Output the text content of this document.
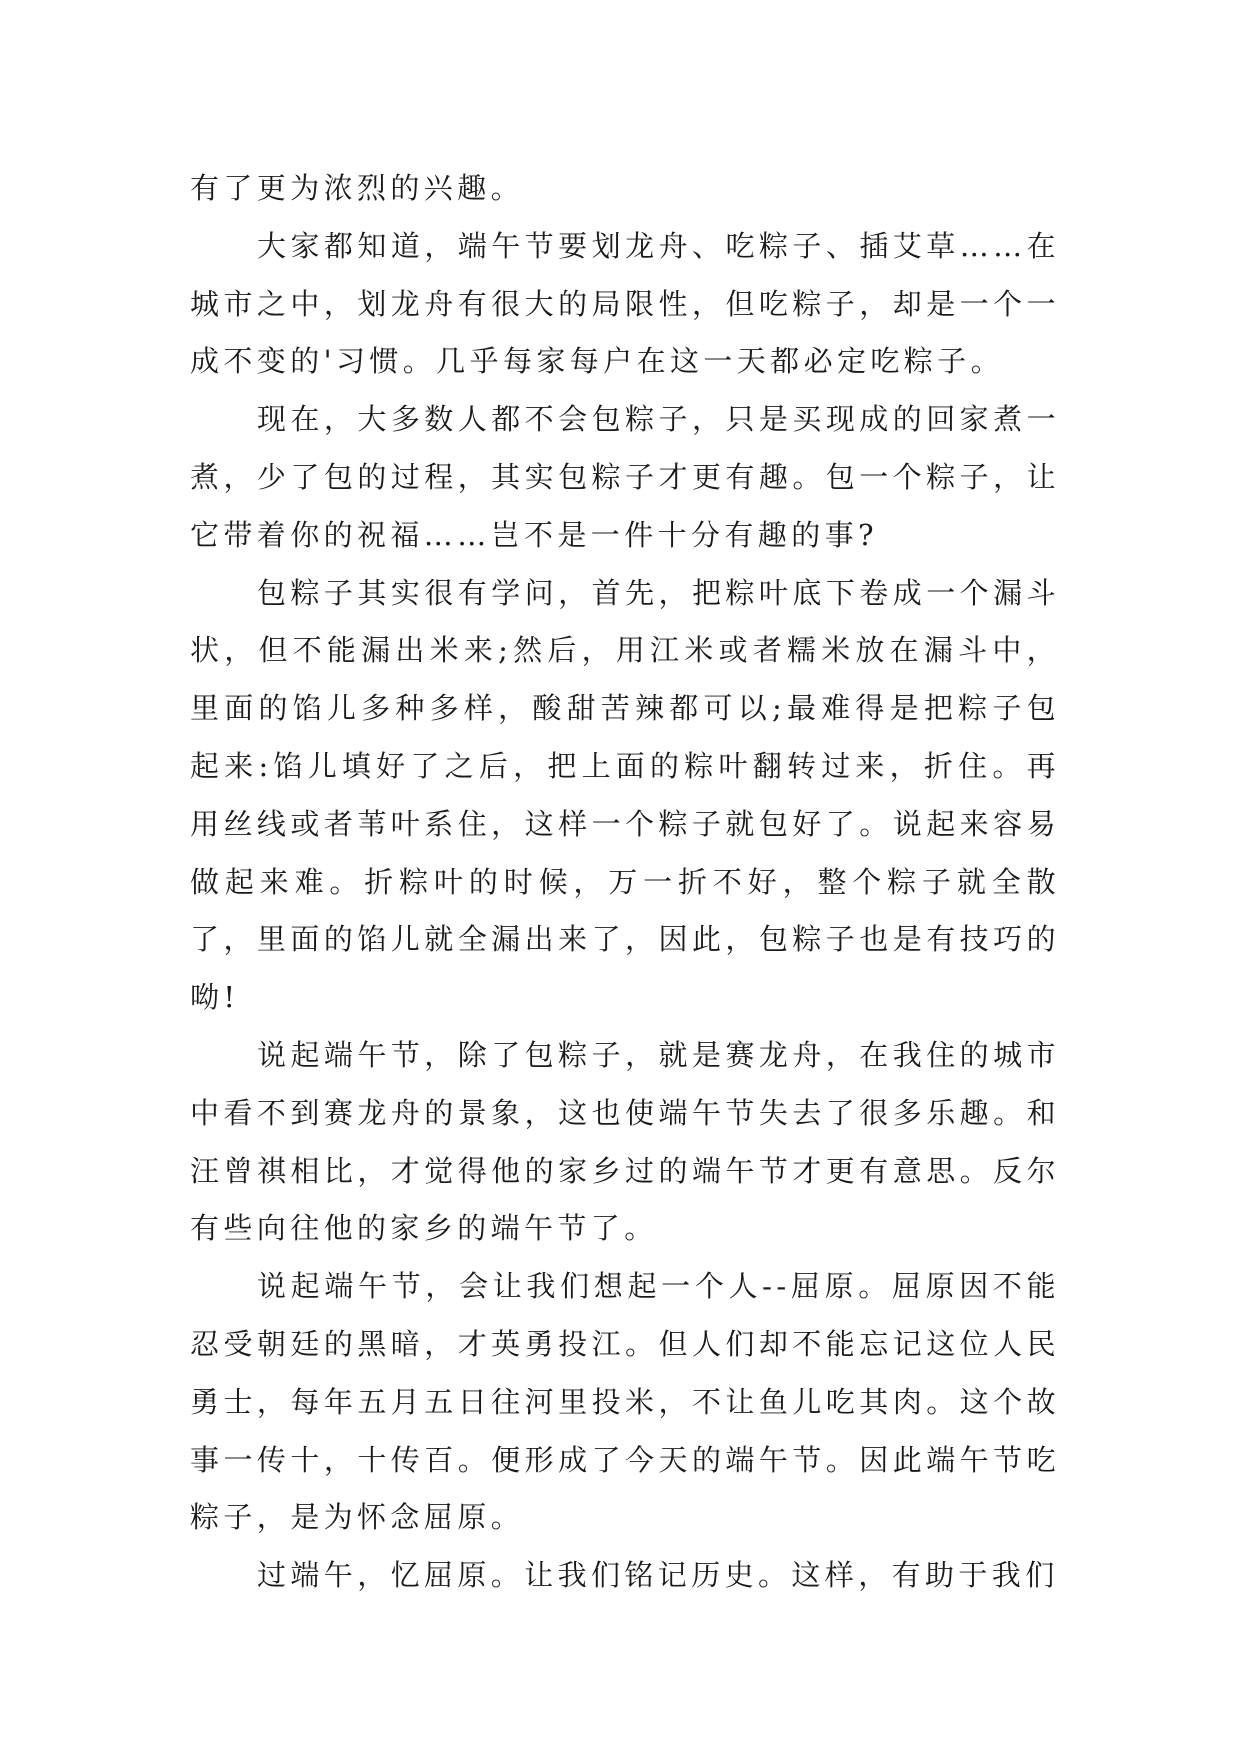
有了更为浓烈的兴趣。

大家都知道，端午节要划龙舟、吃粽子、插艾草……在城市之中，划龙舟有很大的局限性，但吃粽子，却是一个一成不变的'习惯。几乎每家每户在这一天都必定吃粽子。

现在，大多数人都不会包粽子，只是买现成的回家煮一煮，少了包的过程，其实包粽子才更有趣。包一个粽子，让它带着你的祝福……岂不是一件十分有趣的事?

包粽子其实很有学问，首先，把粽叶底下卷成一个漏斗状，但不能漏出米来;然后，用江米或者糯米放在漏斗中，里面的馅儿多种多样，酸甜苦辣都可以;最难得是把粽子包起来:馅儿填好了之后，把上面的粽叶翻转过来，折住。再用丝线或者苇叶系住，这样一个粽子就包好了。说起来容易做起来难。折粽叶的时候，万一折不好，整个粽子就全散了，里面的馅儿就全漏出来了，因此，包粽子也是有技巧的呦!

说起端午节，除了包粽子，就是赛龙舟，在我住的城市中看不到赛龙舟的景象，这也使端午节失去了很多乐趣。和汪曾祺相比，才觉得他的家乡过的端午节才更有意思。反尔有些向往他的家乡的端午节了。

说起端午节，会让我们想起一个人--屈原。屈原因不能忍受朝廷的黑暗，才英勇投江。但人们却不能忘记这位人民勇士，每年五月五日往河里投米，不让鱼儿吃其肉。这个故事一传十，十传百。便形成了今天的端午节。因此端午节吃粽子，是为怀念屈原。

过端午，忆屈原。让我们铭记历史。这样，有助于我们
